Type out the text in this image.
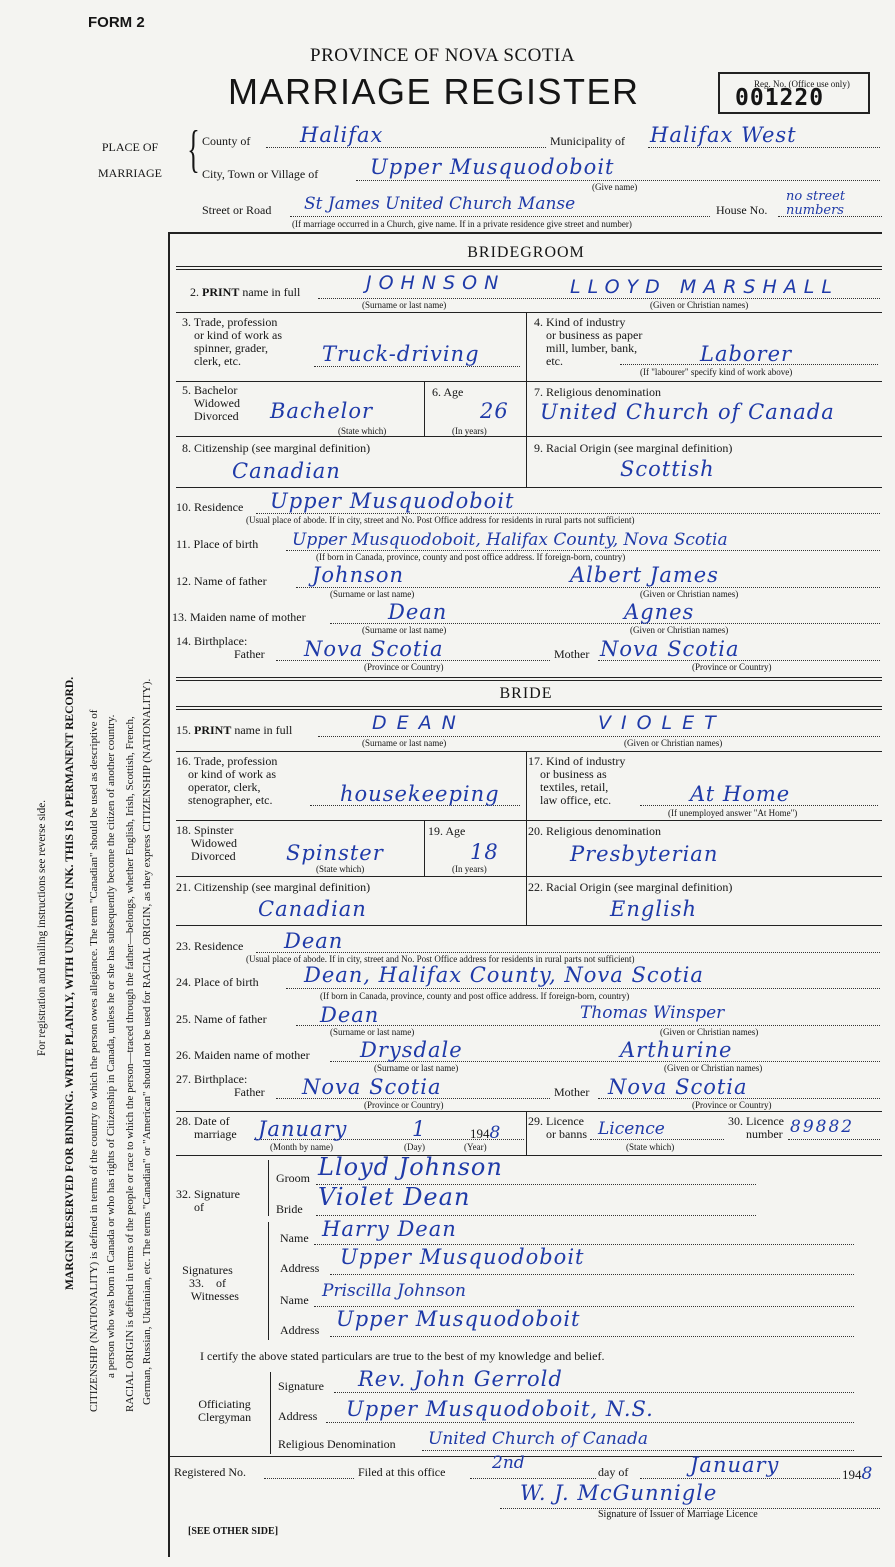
FORM 2
PROVINCE OF NOVA SCOTIA
MARRIAGE REGISTER	Reg. No. (Office use only)
001220
PLACE OF
MARRIAGE { County of Halifax	Municipality of Halifax West
City, Town or Village of Upper Musquodoboit
(Give name)
Street or Road St James United Church Manse	House No.
no street numbers
(If marriage occurred in a Church, give name. If in a private residence give street and number)
For registration and mailing instructions see reverse side. MARGIN RESERVED FOR BINDING. WRITE PLAINLY, WITH UNFADING INK. THIS IS A PERMANENT RECORD. CITIZENSHIP (NATIONALITY) is defined in terms of the country to which the person owes allegiance. The term "Canadian" should be used as descriptive of a person who was born in Canada or who has rights of Citizenship in Canada, unless he or she has subsequently become the citizen of another country. RACIAL ORIGIN is defined in terms of the people or race to which the person—traced through the father—belongs, whether English, Irish, Scottish, French, German, Russian, Ukrainian, etc. The terms "Canadian" or "American" should not be used for RACIAL ORIGIN, as they express CITIZENSHIP (NATIONALITY).
BRIDEGROOM
2. PRINT name in full	JOHNSON	LLOYD MARSHALL
(Surname or last name)	(Given or Christian names)
3. Trade, profession
or kind of work as
spinner, grader,
clerk, etc.	Truck-driving
4. Kind of industry
or business as paper
mill, lumber, bank,
etc.	Laborer
(If "labourer" specify kind of work above)
5. Bachelor
Widowed
Divorced Bachelor
(State which)
6. Age
26
(In years)
7. Religious denomination
United Church of Canada
8. Citizenship (see marginal definition)
Canadian
9. Racial Origin (see marginal definition)
Scottish
10. Residence Upper Musquodoboit
(Usual place of abode. If in city, street and No. Post Office address for residents in rural parts not sufficient)
11. Place of birth Upper Musquodoboit, Halifax County, Nova Scotia
(If born in Canada, province, county and post office address. If foreign-born, country)
12. Name of father Johnson	Albert James
(Surname or last name)	(Given or Christian names)
13. Maiden name of mother	Dean	Agnes
(Surname or last name)	(Given or Christian names)
14. Birthplace:
Father Nova Scotia	Mother Nova Scotia
(Province or Country)	(Province or Country)
BRIDE
15. PRINT name in full	DEAN	VIOLET
(Surname or last name)	(Given or Christian names)
16. Trade, profession
or kind of work as
operator, clerk,
stenographer, etc.	housekeeping
17. Kind of industry
or business as
textiles, retail,
law office, etc.	At Home
(If unemployed answer "At Home")
18. Spinster
Widowed
Divorced Spinster
(State which)
19. Age
18
(In years)
20. Religious denomination
Presbyterian
21. Citizenship (see marginal definition)
Canadian
22. Racial Origin (see marginal definition)
English
23. Residence Dean
(Usual place of abode. If in city, street and No. Post Office address for residents in rural parts not sufficient)
24. Place of birth Dean, Halifax County, Nova Scotia
(If born in Canada, province, county and post office address. If foreign-born, country)
25. Name of father	Dean	Thomas Winsper
(Surname or last name)	(Given or Christian names)
26. Maiden name of mother Drysdale	Arthurine
(Surname or last name)	(Given or Christian names)
27. Birthplace:
Father Nova Scotia	Mother Nova Scotia
(Province or Country)	(Province or Country)
28. Date of
marriage January	1	1948
(Month by name)	(Day)	(Year)
29. Licence
or banns Licence
(State which)
30. Licence
number 89882
32. Signature
of
Groom Lloyd Johnson
Bride Violet Dean
Signatures
33.    of
Witnesses
Name Harry Dean
Address Upper Musquodoboit
Name Priscilla Johnson
Address Upper Musquodoboit
I certify the above stated particulars are true to the best of my knowledge and belief.
Officiating
Clergyman
Signature Rev. John Gerrold
Address Upper Musquodoboit, N.S.
Religious Denomination United Church of Canada
Registered No.	Filed at this office	2nd	day of	January	1948
W. J. McGunnigle
Signature of Issuer of Marriage Licence
[SEE OTHER SIDE]
